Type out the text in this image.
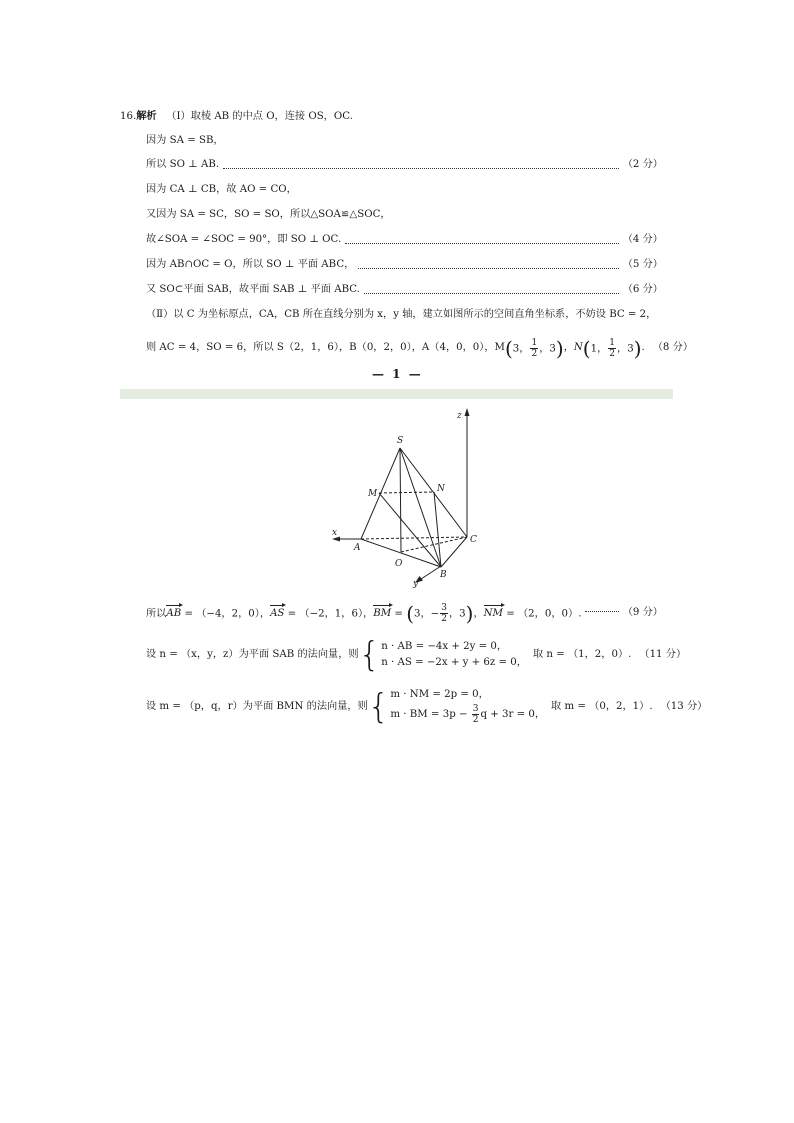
16.解析 （Ⅰ）取棱 AB 的中点 O，连接 OS，OC.
因为 SA = SB，
所以 SO ⊥ AB.	（2 分）
因为 CA ⊥ CB，故 AO = CO，
又因为 SA = SC，SO = SO，所以△SOA≌△SOC，
故∠SOA = ∠SOC = 90°，即 SO ⊥ OC.	（4 分）
因为 AB∩OC = O，所以 SO ⊥ 平面 ABC，	（5 分）
又 SO⊂平面 SAB，故平面 SAB ⊥ 平面 ABC.	（6 分）
（Ⅱ）以 C 为坐标原点，CA，CB 所在直线分别为 x，y 轴，建立如图所示的空间直角坐标系，不妨设 BC = 2，
则 AC = 4，SO = 6，所以 S（2，1，6），B（0，2，0），A（4，0，0），M (3， $\frac{1}{2}$ ，3) ， N (1， $\frac{1}{2}$ ，3) . （8 分）
— 1 —
z
S
M	N
x
A
C
O
B
y
所以AB = （−4，2，0），AS = （−2，1，6），BM = (3，− $\frac{3}{2}$ ，3)，NM = （2，0，0）.	（9 分）
设 n = （x，y，z）为平面 SAB 的法向量，则 { n · AB = −4x + 2y = 0，
n · AS = −2x + y + 6z = 0，
取 n = （1，2，0）. （11 分）
设 m = （p，q，r）为平面 BMN 的法向量，则 { m · NM = 2p = 0，
m · BM = $3p - \frac{3}{2}$ q + 3r = 0，
取 m = （0，2，1）. （13 分）
